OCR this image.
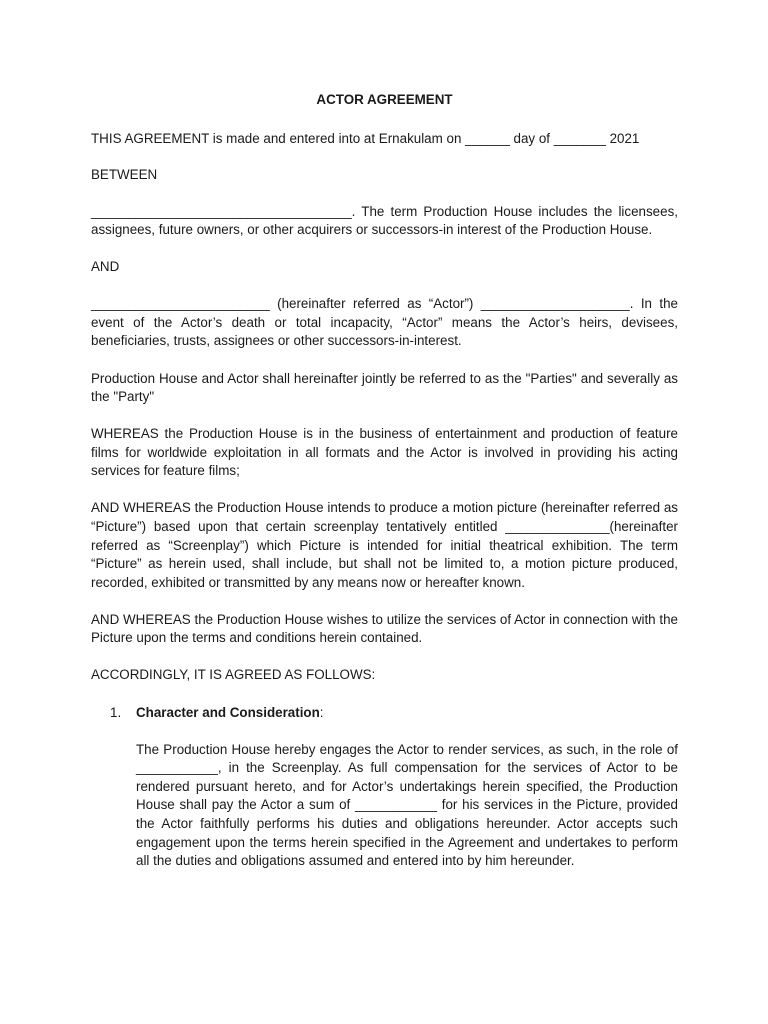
ACTOR AGREEMENT

THIS AGREEMENT is made and entered into at Ernakulam on ______ day of _______ 2021

BETWEEN

___________________________________. The term Production House includes the licensees, assignees, future owners, or other acquirers or successors-in interest of the Production House.

AND

________________________ (hereinafter referred as “Actor”) ____________________. In the event of the Actor’s death or total incapacity, “Actor” means the Actor’s heirs, devisees, beneficiaries, trusts, assignees or other successors-in-interest.

Production House and Actor shall hereinafter jointly be referred to as the "Parties" and severally as the "Party"

WHEREAS the Production House is in the business of entertainment and production of feature films for worldwide exploitation in all formats and the Actor is involved in providing his acting services for feature films;

AND WHEREAS the Production House intends to produce a motion picture (hereinafter referred as “Picture”) based upon that certain screenplay tentatively entitled ______________(hereinafter referred as “Screenplay”) which Picture is intended for initial theatrical exhibition. The term “Picture” as herein used, shall include, but shall not be limited to, a motion picture produced, recorded, exhibited or transmitted by any means now or hereafter known.

AND WHEREAS the Production House wishes to utilize the services of Actor in connection with the Picture upon the terms and conditions herein contained.

ACCORDINGLY, IT IS AGREED AS FOLLOWS:

1.	Character and Consideration:

The Production House hereby engages the Actor to render services, as such, in the role of ___________, in the Screenplay. As full compensation for the services of Actor to be rendered pursuant hereto, and for Actor’s undertakings herein specified, the Production House shall pay the Actor a sum of ___________ for his services in the Picture, provided the Actor faithfully performs his duties and obligations hereunder. Actor accepts such engagement upon the terms herein specified in the Agreement and undertakes to perform all the duties and obligations assumed and entered into by him hereunder.
